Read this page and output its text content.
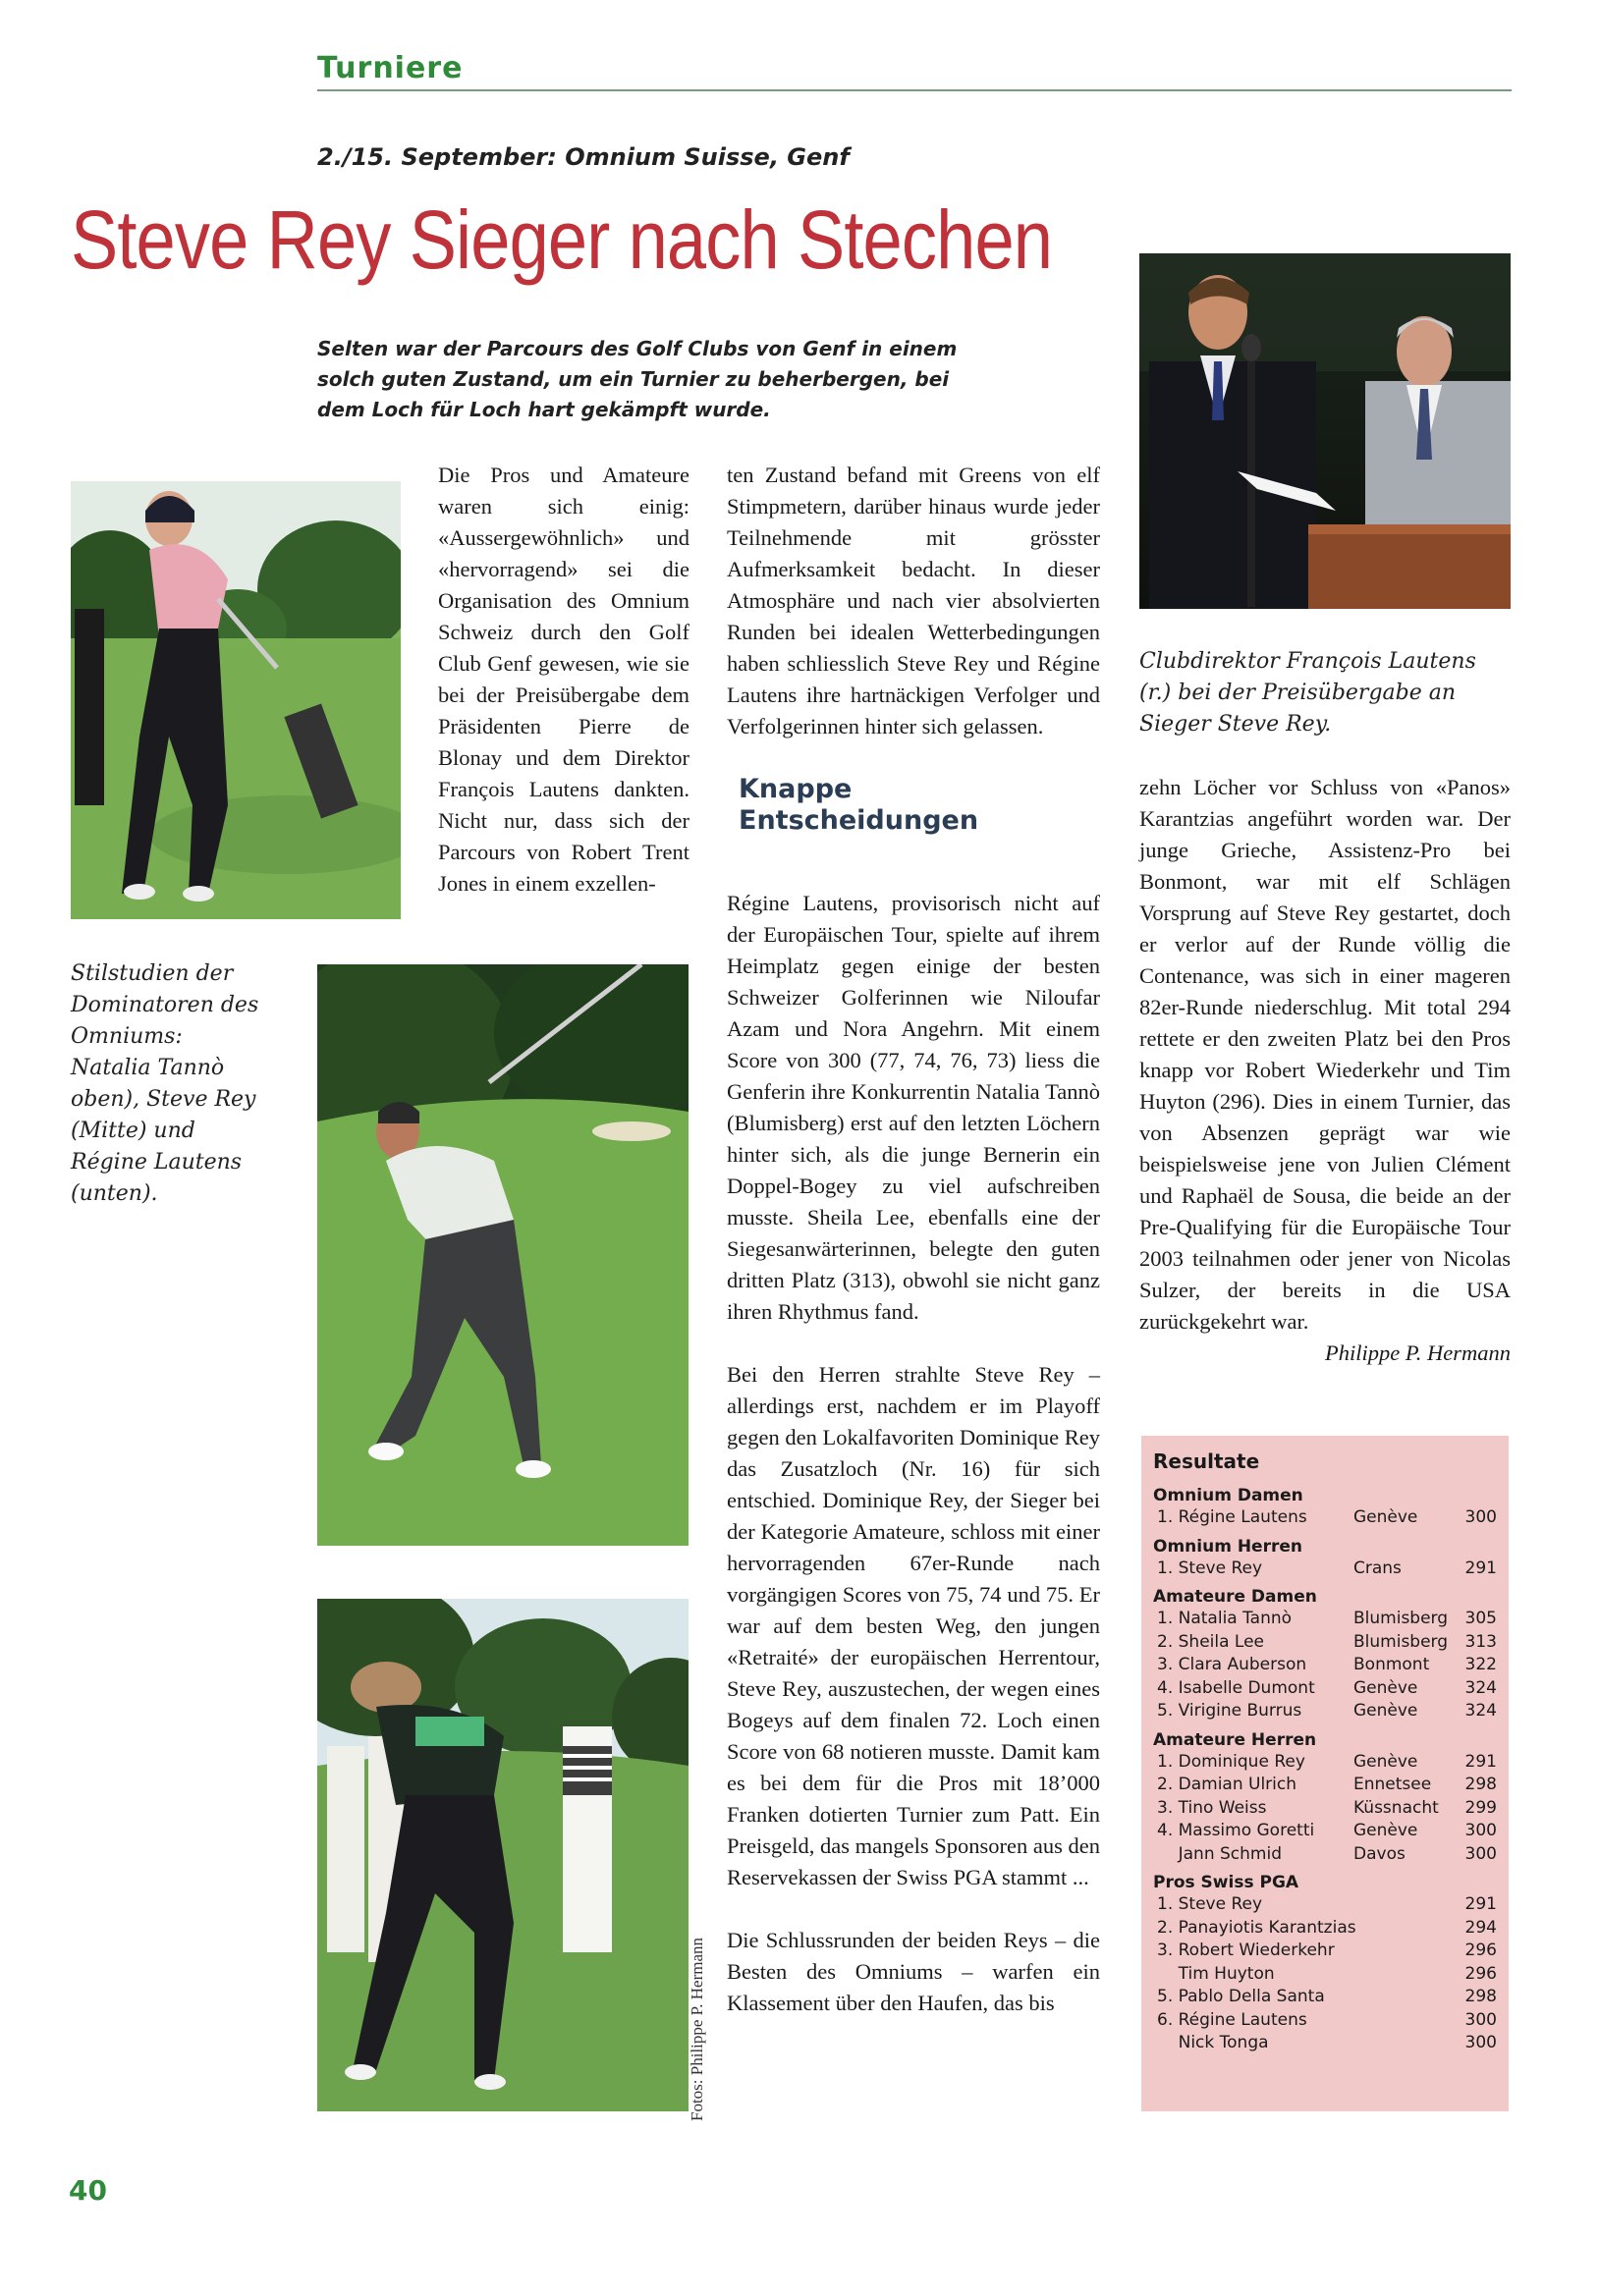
Turniere
2./15. September: Omnium Suisse, Genf
Steve Rey Sieger nach Stechen
Selten war der Parcours des Golf Clubs von Genf in einem solch guten Zustand, um ein Turnier zu beherbergen, bei dem Loch für Loch hart gekämpft wurde.
Clubdirektor François Lautens (r.) bei der Preisübergabe an Sieger Steve Rey.
Stilstudien der Dominatoren des Omniums: Natalia Tannò oben), Steve Rey (Mitte) und Régine Lautens (unten).

Die Pros und Amateure waren sich einig: «Aussergewöhnlich» und «hervorragend» sei die Organisation des Omnium Schweiz durch den Golf Club Genf gewesen, wie sie bei der Preisübergabe dem Präsidenten Pierre de Blonay und dem Direktor François Lautens dankten. Nicht nur, dass sich der Parcours von Robert Trent Jones in einem exzellen-

Fotos: Philippe P. Hermann

ten Zustand befand mit Greens von elf Stimpmetern, darüber hinaus wurde jeder Teilnehmende mit grösster Aufmerksamkeit bedacht. In dieser Atmosphäre und nach vier absolvierten Runden bei idealen Wetterbedingungen haben schliesslich Steve Rey und Régine Lautens ihre hartnäckigen Verfolger und Verfolgerinnen hinter sich gelassen.

Knappe Entscheidungen

Régine Lautens, provisorisch nicht auf der Europäischen Tour, spielte auf ihrem Heimplatz gegen einige der besten Schweizer Golferinnen wie Niloufar Azam und Nora Angehrn. Mit einem Score von 300 (77, 74, 76, 73) liess die Genferin ihre Konkurrentin Natalia Tannò (Blumisberg) erst auf den letzten Löchern hinter sich, als die junge Bernerin ein Doppel-Bogey zu viel aufschreiben musste. Sheila Lee, ebenfalls eine der Siegesanwärterinnen, belegte den guten dritten Platz (313), obwohl sie nicht ganz ihren Rhythmus fand.

Bei den Herren strahlte Steve Rey – allerdings erst, nachdem er im Playoff gegen den Lokalfavoriten Dominique Rey das Zusatzloch (Nr. 16) für sich entschied. Dominique Rey, der Sieger bei der Kategorie Amateure, schloss mit einer hervorragenden 67er-Runde nach vorgängigen Scores von 75, 74 und 75. Er war auf dem besten Weg, den jungen «Retraité» der europäischen Herrentour, Steve Rey, auszustechen, der wegen eines Bogeys auf dem finalen 72. Loch einen Score von 68 notieren musste. Damit kam es bei dem für die Pros mit 18’000 Franken dotierten Turnier zum Patt. Ein Preisgeld, das mangels Sponsoren aus den Reservekassen der Swiss PGA stammt ...

Die Schlussrunden der beiden Reys – die Besten des Omniums – warfen ein Klassement über den Haufen, das bis

zehn Löcher vor Schluss von «Panos» Karantzias angeführt worden war. Der junge Grieche, Assistenz-Pro bei Bonmont, war mit elf Schlägen Vorsprung auf Steve Rey gestartet, doch er verlor auf der Runde völlig die Contenance, was sich in einer mageren 82er-Runde niederschlug. Mit total 294 rettete er den zweiten Platz bei den Pros knapp vor Robert Wiederkehr und Tim Huyton (296). Dies in einem Turnier, das von Absenzen geprägt war wie beispielsweise jene von Julien Clément und Raphaël de Sousa, die beide an der Pre-Qualifying für die Europäische Tour 2003 teilnahmen oder jener von Nicolas Sulzer, der bereits in die USA zurückgekehrt war.

Philippe P. Hermann
Resultate
Omnium Damen
1. Régine Lautens	Genève	300
Omnium Herren
1. Steve Rey	Crans	291
Amateure Damen
1. Natalia Tannò	Blumisberg	305
2. Sheila Lee	Blumisberg	313
3. Clara Auberson	Bonmont	322
4. Isabelle Dumont	Genève	324
5. Virigine Burrus	Genève	324
Amateure Herren
1. Dominique Rey	Genève	291
2. Damian Ulrich	Ennetsee	298
3. Tino Weiss	Küssnacht	299
4. Massimo Goretti	Genève	300
Jann Schmid	Davos	300
Pros Swiss PGA
1. Steve Rey	291
2. Panayiotis Karantzias	294
3. Robert Wiederkehr	296
Tim Huyton	296
5. Pablo Della Santa	298
6. Régine Lautens	300
Nick Tonga	300
40
